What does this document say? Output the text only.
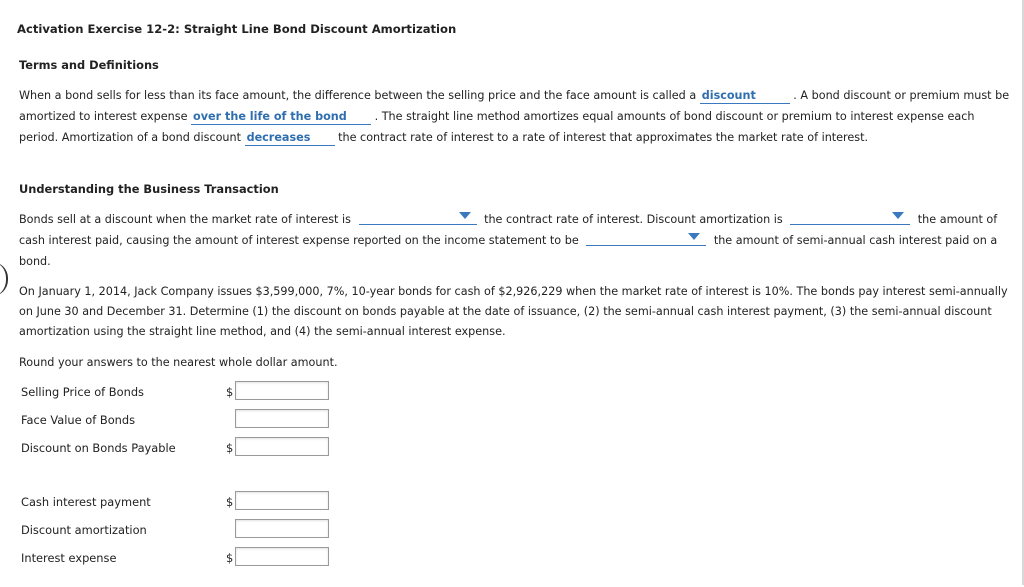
Activation Exercise 12-2: Straight Line Bond Discount Amortization
Terms and Definitions
When a bond sells for less than its face amount, the difference between the selling price and the face amount is called a discount	. A bond discount or premium must be
amortized to interest expense over the life of the bond . The straight line method amortizes equal amounts of bond discount or premium to interest expense each
period. Amortization of a bond discount decreases the contract rate of interest to a rate of interest that approximates the market rate of interest.
Understanding the Business Transaction
Bonds sell at a discount when the market rate of interest is	the contract rate of interest. Discount amortization is	the amount of
cash interest paid, causing the amount of interest expense reported on the income statement to be	the amount of semi-annual cash interest paid on a
bond.
On January 1, 2014, Jack Company issues $3,599,000, 7%, 10-year bonds for cash of $2,926,229 when the market rate of interest is 10%. The bonds pay interest semi-annually on June 30 and December 31. Determine (1) the discount on bonds payable at the date of issuance, (2) the semi-annual cash interest payment, (3) the semi-annual discount amortization using the straight line method, and (4) the semi-annual interest expense.
Round your answers to the nearest whole dollar amount.
Selling Price of Bonds	$
Face Value of Bonds
Discount on Bonds Payable	$
Cash interest payment	$
Discount amortization
Interest expense	$
